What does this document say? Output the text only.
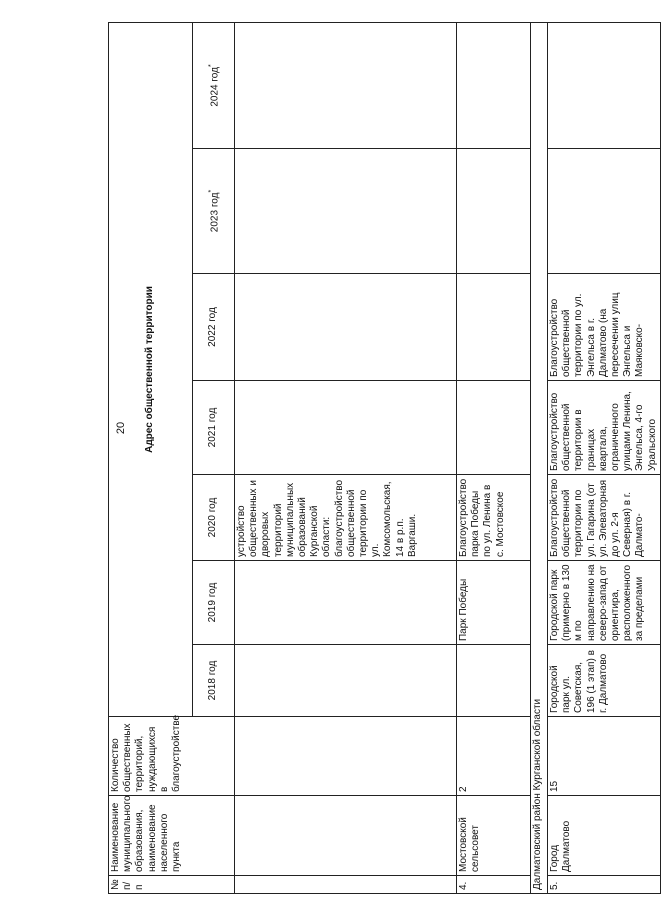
20
№ п/п	Наименование муниципального образования, наименование населенного пункта	Количество общественных территорий, нуждающихся в благоустройстве	Адрес общественной территории						
			2018 год	2019 год	2020 год	2021 год	2022 год	2023 год*	2024 год*
					устройство общественных и дворовых территорий муниципальных образований Курганской области: благоустройство общественной территории по ул. Комсомольская, 14 в р.п. Варгаши.				
4.	Мостовской сельсовет	2		Парк Победы	Благоустройство парка Победы по ул. Ленина в с. Мостовское				
Далматовский район Курганской области									
5.	Город Далматово	15	Городской парк ул. Советская, 196 (1 этап) в г. Далматово	Городской парк (примерно в 130 м по направлению на северо-запад от ориентира, расположенного за пределами	Благоустройство общественной территории по ул. Гагарина (от ул. Элеваторная до ул. 2-я Северная) в г. Далмато-	Благоустройство общественной территории в границах квартала, ограниченного улицами Ленина, Энгельса, 4-го Уральского	Благоустройство общественной территории по ул. Энгельса в г. Далматово (на пересечении улиц Энгельса и Маяковско-		
